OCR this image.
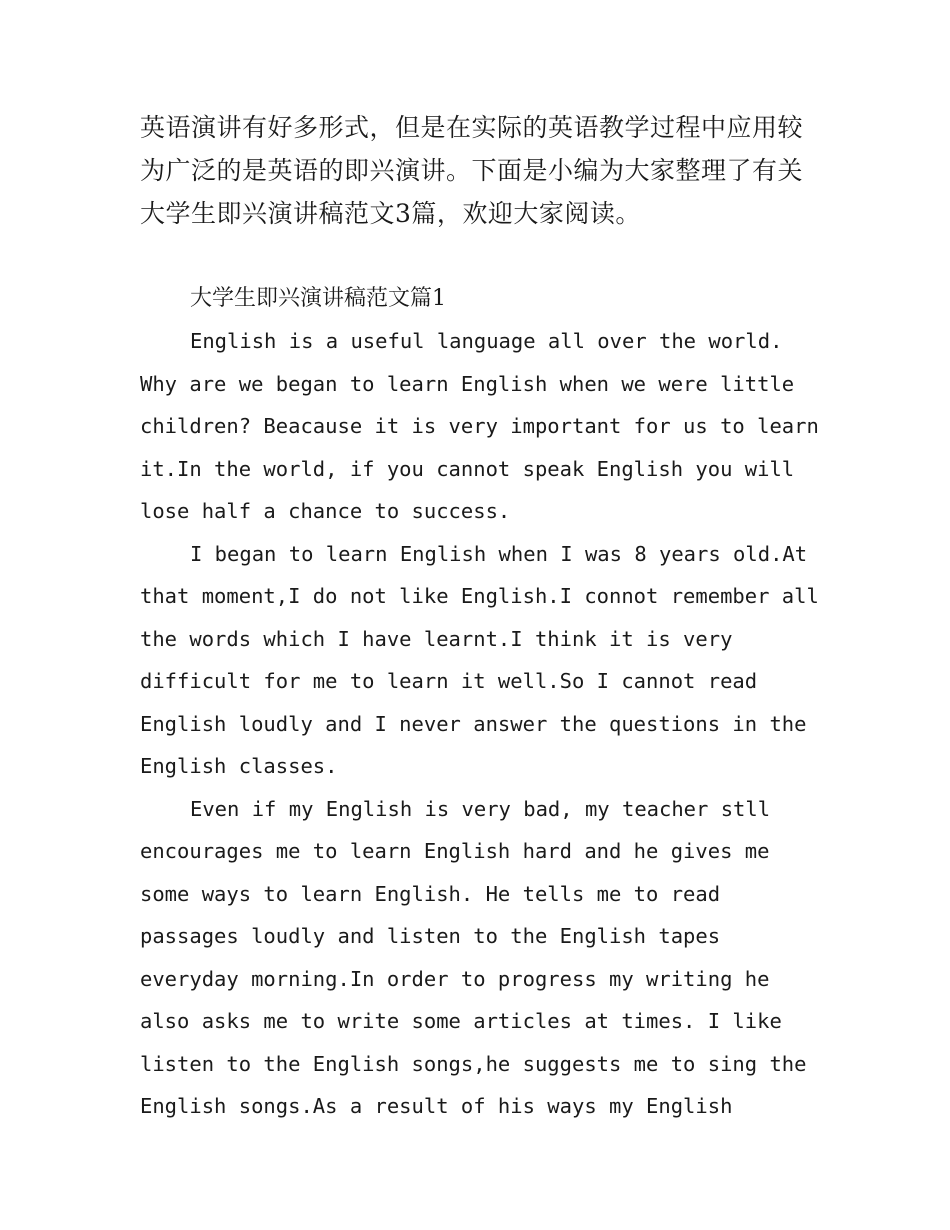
英语演讲有好多形式，但是在实际的英语教学过程中应用较为广泛的是英语的即兴演讲。下面是小编为大家整理了有关大学生即兴演讲稿范文3篇，欢迎大家阅读。

大学生即兴演讲稿范文篇1

English is a useful language all over the world. Why are we began to learn English when we were little children? Beacause it is very important for us to learn it.In the world, if you cannot speak English you will lose half a chance to success.

I began to learn English when I was 8 years old.At that moment,I do not like English.I connot remember all the words which I have learnt.I think it is very difficult for me to learn it well.So I cannot read English loudly and I never answer the questions in the English classes.

Even if my English is very bad, my teacher stll encourages me to learn English hard and he gives me some ways to learn English. He tells me to read passages loudly and listen to the English tapes everyday morning.In order to progress my writing he also asks me to write some articles at times. I like listen to the English songs,he suggests me to sing the English songs.As a result of his ways my English
